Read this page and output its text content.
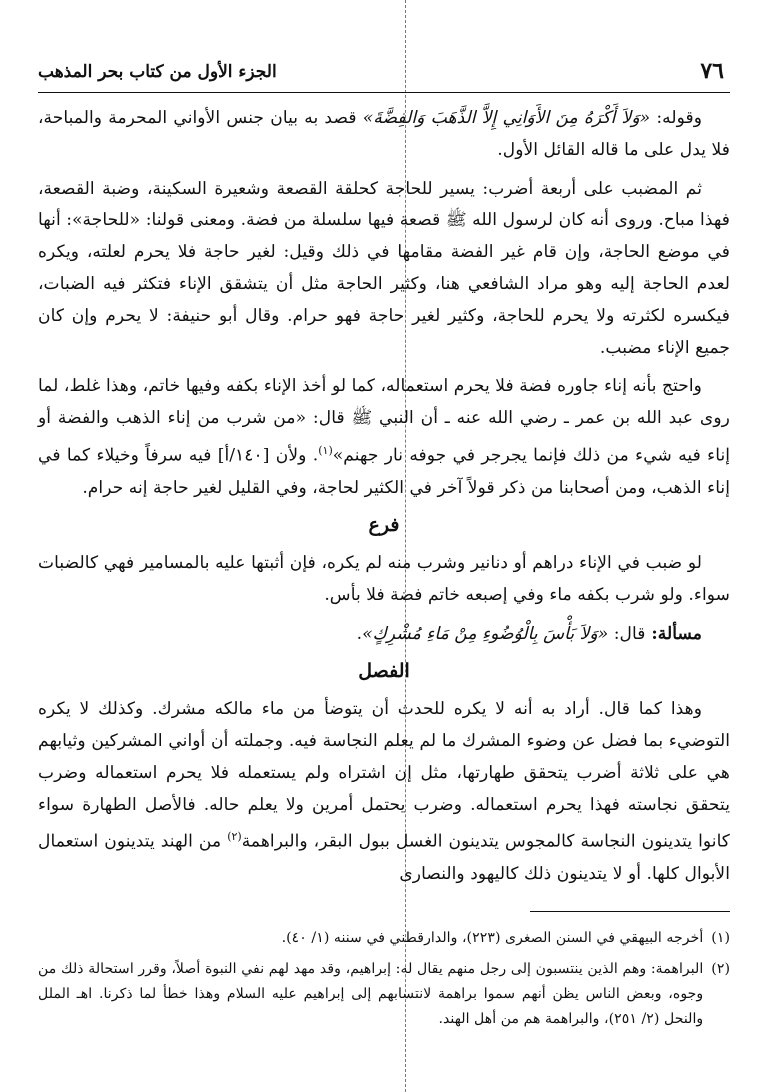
٧٦
الجزء الأول من كتاب بحر المذهب

وقوله: «وَلاَ أَكْرَهُ مِنَ الأَوَانِي إِلاَّ الذَّهَبَ وَالفِضَّةَ» قصد به بيان جنس الأواني المحرمة والمباحة، فلا يدل على ما قاله القائل الأول.

ثم المضبب على أربعة أضرب: يسير للحاجة كحلقة القصعة وشعيرة السكينة، وضبة القصعة، فهذا مباح. وروى أنه كان لرسول الله ﷺ قصعة فيها سلسلة من فضة. ومعنى قولنا: «للحاجة»: أنها في موضع الحاجة، وإن قام غير الفضة مقامها في ذلك وقيل: لغير حاجة فلا يحرم لعلته، ويكره لعدم الحاجة إليه وهو مراد الشافعي هنا، وكثير الحاجة مثل أن يتشقق الإناء فتكثر فيه الضبات، فيكسره لكثرته ولا يحرم للحاجة، وكثير لغير حاجة فهو حرام. وقال أبو حنيفة: لا يحرم وإن كان جميع الإناء مضبب.

واحتج بأنه إناء جاوره فضة فلا يحرم استعماله، كما لو أخذ الإناء بكفه وفيها خاتم، وهذا غلط، لما روى عبد الله بن عمر ـ رضي الله عنه ـ أن النبي ﷺ قال: «من شرب من إناء الذهب والفضة أو إناء فيه شيء من ذلك فإنما يجرجر في جوفه نار جهنم»$^{(١)}$. ولأن [١٤٠/أ] فيه سرفاً وخيلاء كما في إناء الذهب، ومن أصحابنا من ذكر قولاً آخر في الكثير لحاجة، وفي القليل لغير حاجة إنه حرام.

فرع

لو ضبب في الإناء دراهم أو دنانير وشرب منه لم يكره، فإن أثبتها عليه بالمسامير فهي كالضبات سواء. ولو شرب بكفه ماء وفي إصبعه خاتم فضة فلا بأس.

مسألة: قال: «وَلاَ بَأْسَ بِالْوُضُوءِ مِنْ مَاءِ مُشْرِكٍ».

الفصل

وهذا كما قال. أراد به أنه لا يكره للحدث أن يتوضأ من ماء مالكه مشرك. وكذلك لا يكره التوضيء بما فضل عن وضوء المشرك ما لم يعلم النجاسة فيه. وجملته أن أواني المشركين وثيابهم هي على ثلاثة أضرب يتحقق طهارتها، مثل إن اشتراه ولم يستعمله فلا يحرم استعماله وضرب يتحقق نجاسته فهذا يحرم استعماله. وضرب يحتمل أمرين ولا يعلم حاله. فالأصل الطهارة سواء كانوا يتدينون النجاسة كالمجوس يتدينون الغسل ببول البقر، والبراهمة$^{(٢)}$ من الهند يتدينون استعمال الأبوال كلها. أو لا يتدينون ذلك كاليهود والنصارى

(١)
أخرجه البيهقي في السنن الصغرى (٢٢٣)، والدارقطني في سننه (١/ ٤٠).

(٢)
البراهمة: وهم الذين ينتسبون إلى رجل منهم يقال له: إبراهيم، وقد مهد لهم نفي النبوة أصلاً، وقرر استحالة ذلك من وجوه، وبعض الناس يظن أنهم سموا براهمة لانتسابهم إلى إبراهيم عليه السلام وهذا خطأ لما ذكرنا. اهـ الملل والنحل (٢/ ٢٥١)، والبراهمة هم من أهل الهند.
